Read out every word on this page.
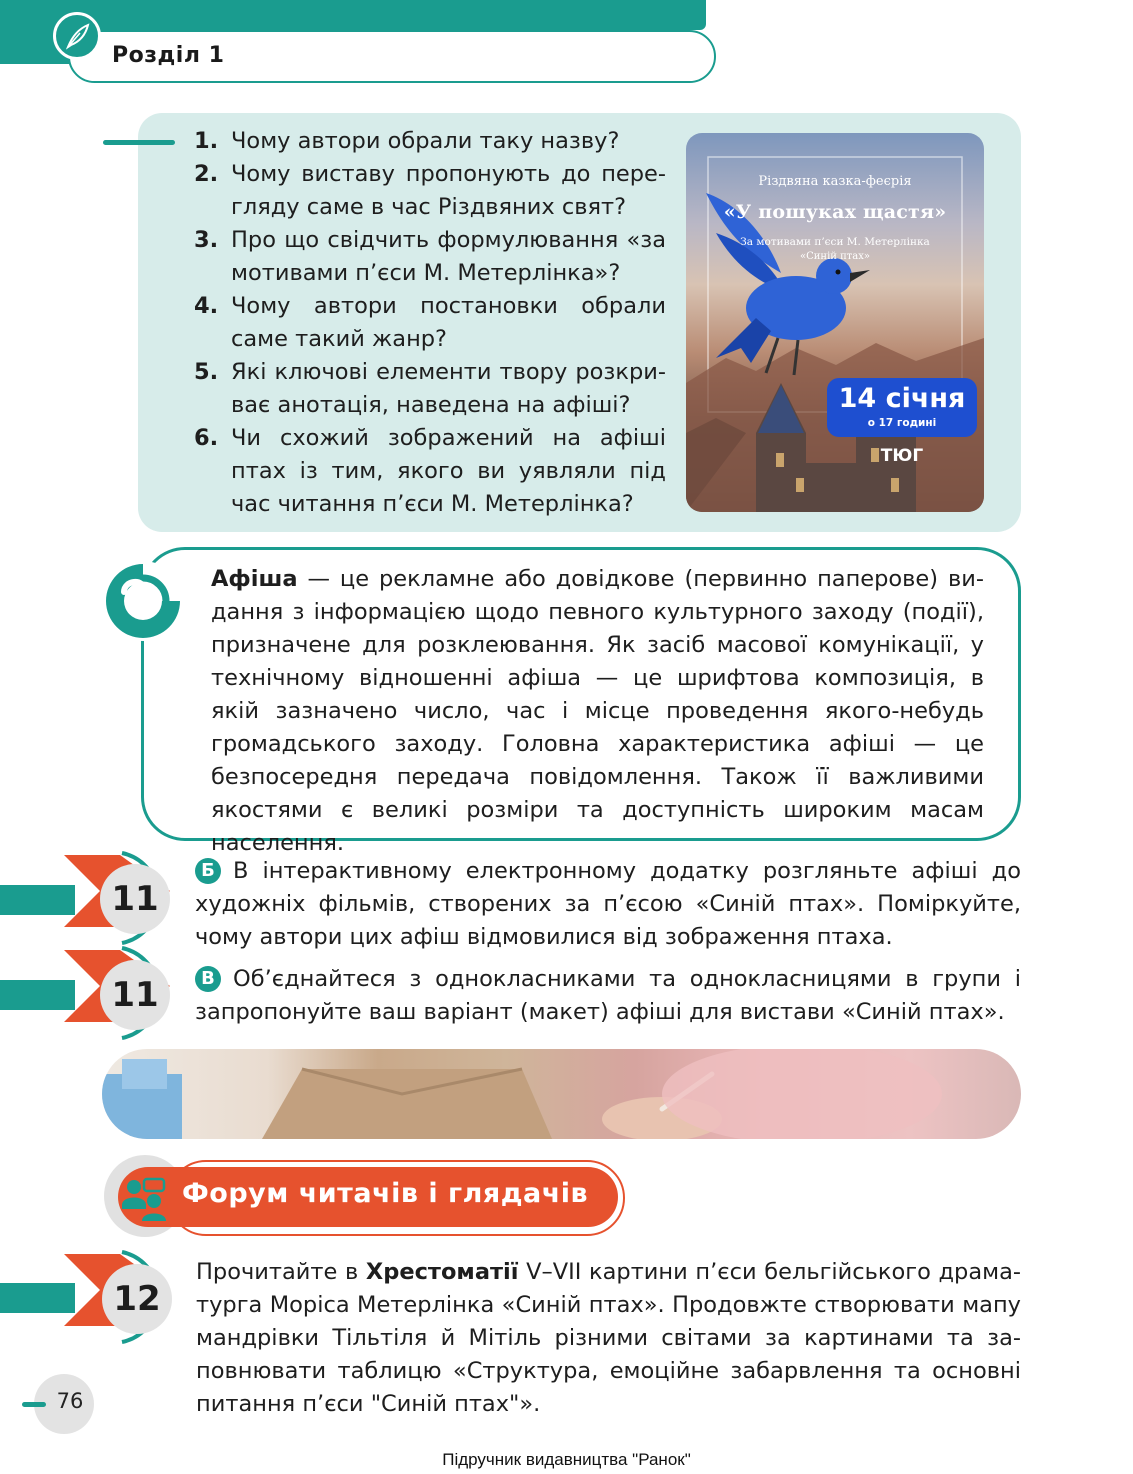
Розділ 1
1. Чому автори обрали таку назву?
2. Чому виставу пропонують до перегляду саме в час Різдвяних свят?
3. Про що свідчить формулювання «за мотивами п’єси М. Метерлінка»?
4. Чому автори постановки обрали саме такий жанр?
5. Які ключові елементи твору розкриває анотація, наведена на афіші?
6. Чи схожий зображений на афіші птах із тим, якого ви уявляли під час читання п’єси М. Метерлінка?
Різдвяна казка-феєрія
«У пошуках щастя»
За мотивами п’єси М. Метерлінка
«Синій птах»
14 січня
о 17 годині
ТЮГ

Афіша — це рекламне або довідкове (первинно паперове) видання з інформацією щодо певного культурного заходу (події), призначене для розклеювання. Як засіб масової комунікації, у технічному відношенні афіша — це шрифтова композиція, в якій зазначено число, час і місце проведення якого-небудь громадського заходу. Головна характеристика афіші — це безпосередня передача повідомлення. Також її важливими якостями є великі розміри та доступність широким масам населення.

11

Б В інтерактивному електронному додатку розгляньте афіші до художніх фільмів, створених за п’єсою «Синій птах». Поміркуйте, чому автори цих афіш відмовилися від зображення птаха.

11	В Об’єднайтеся з однокласниками та однокласницями в групи і запропонуйте ваш варіант (макет) афіші для вистави «Синій птах».

Форум читачів і глядачів
12

Прочитайте в Хрестоматії V–VII картини п’єси бельгійського драматурга Моріса Метерлінка «Синій птах». Продовжте створювати мапу мандрівки Тільтіля й Мітіль різними світами за картинами та заповнювати таблицю «Структура, емоційне забарвлення та основні питання п’єси "Синій птах"».

76
Підручник видавництва "Ранок"
